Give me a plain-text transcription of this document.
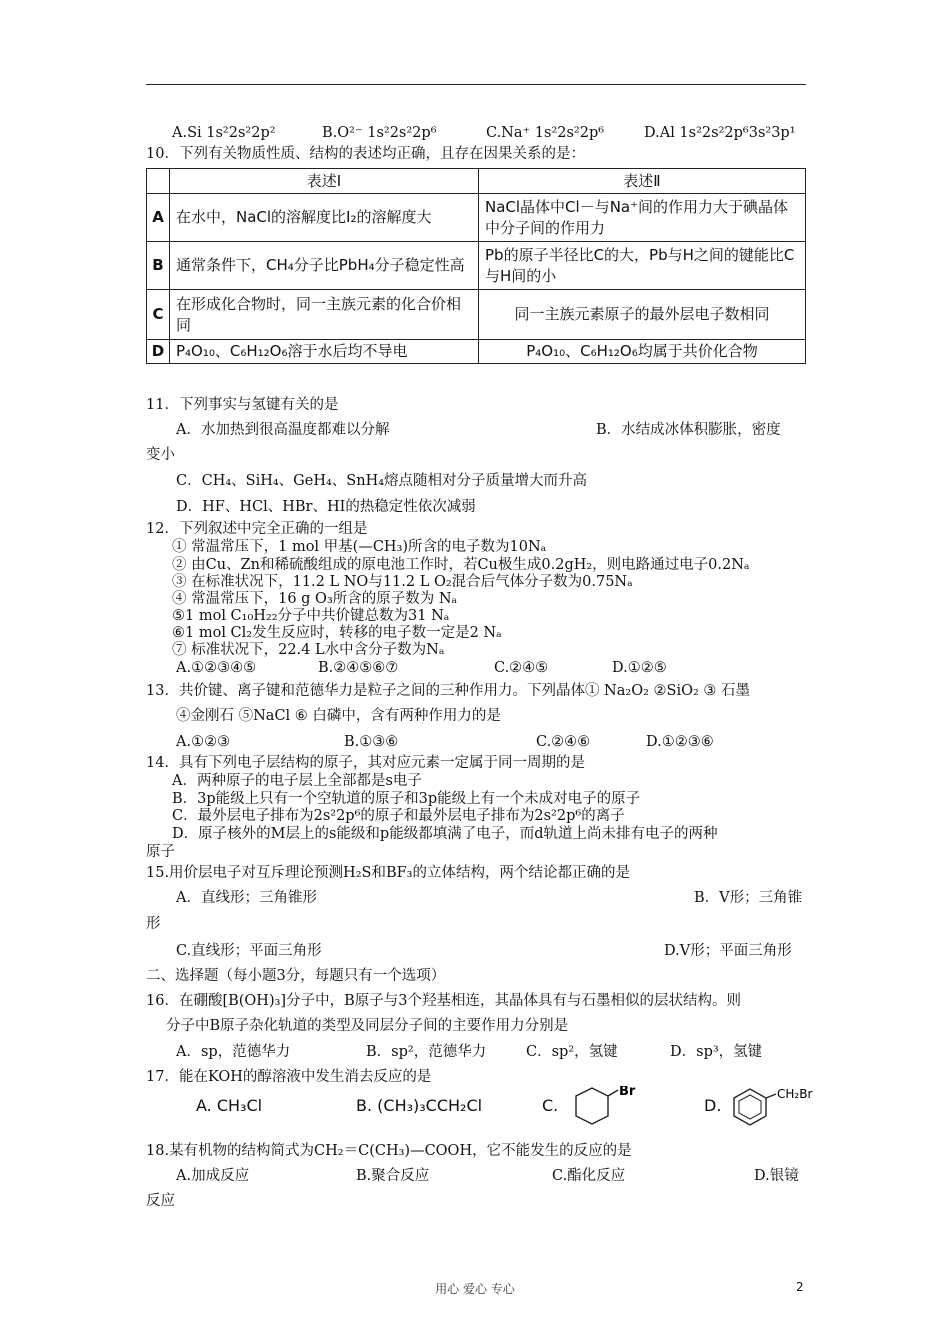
A.Si 1s²2s²2p²	B.O²⁻ 1s²2s²2p⁶	C.Na⁺ 1s²2s²2p⁶	D.Al 1s²2s²2p⁶3s²3p¹
10．下列有关物质性质、结构的表述均正确，且存在因果关系的是：
	表述Ⅰ	表述Ⅱ
A	在水中，NaCl的溶解度比I₂的溶解度大	NaCl晶体中Cl－与Na⁺间的作用力大于碘晶体中分子间的作用力
B	通常条件下，CH₄分子比PbH₄分子稳定性高	Pb的原子半径比C的大，Pb与H之间的键能比C与H间的小
C	在形成化合物时，同一主族元素的化合价相同	同一主族元素原子的最外层电子数相同
D	P₄O₁₀、C₆H₁₂O₆溶于水后均不导电	P₄O₁₀、C₆H₁₂O₆均属于共价化合物
11．下列事实与氢键有关的是
A．水加热到很高温度都难以分解	B．水结成冰体积膨胀，密度
变小
C．CH₄、SiH₄、GeH₄、SnH₄熔点随相对分子质量增大而升高
D．HF、HCl、HBr、HI的热稳定性依次减弱
12．下列叙述中完全正确的一组是
① 常温常压下，1 mol 甲基(—CH₃)所含的电子数为10Nₐ
② 由Cu、Zn和稀硫酸组成的原电池工作时，若Cu极生成0.2gH₂，则电路通过电子0.2Nₐ
③ 在标准状况下，11.2 L NO与11.2 L O₂混合后气体分子数为0.75Nₐ
④ 常温常压下，16 g O₃所含的原子数为 Nₐ
⑤1 mol C₁₀H₂₂分子中共价键总数为31 Nₐ
⑥1 mol Cl₂发生反应时，转移的电子数一定是2 Nₐ
⑦ 标准状况下，22.4 L水中含分子数为Nₐ
A.①②③④⑤	B.②④⑤⑥⑦	C.②④⑤	D.①②⑤
13．共价键、离子键和范德华力是粒子之间的三种作用力。下列晶体① Na₂O₂ ②SiO₂ ③ 石墨
④金刚石 ⑤NaCl ⑥ 白磷中，含有两种作用力的是
A.①②③	B.①③⑥	C.②④⑥	D.①②③⑥
14．具有下列电子层结构的原子，其对应元素一定属于同一周期的是
A．两种原子的电子层上全部都是s电子
B．3p能级上只有一个空轨道的原子和3p能级上有一个未成对电子的原子
C．最外层电子排布为2s²2p⁶的原子和最外层电子排布为2s²2p⁶的离子
D．原子核外的M层上的s能级和p能级都填满了电子，而d轨道上尚未排有电子的两种
原子
15.用价层电子对互斥理论预测H₂S和BF₃的立体结构，两个结论都正确的是
A．直线形；三角锥形	B．V形；三角锥
形
C.直线形；平面三角形	D.V形；平面三角形
二、选择题（每小题3分，每题只有一个选项）
16．在硼酸[B(OH)₃]分子中，B原子与3个羟基相连，其晶体具有与石墨相似的层状结构。则
分子中B原子杂化轨道的类型及同层分子间的主要作用力分别是
A．sp，范德华力	B．sp²，范德华力	C．sp²，氢键	D．sp³，氢键
17．能在KOH的醇溶液中发生消去反应的是
A. CH₃Cl	B. (CH₃)₃CCH₂Cl	C.
Br
D.
CH₂Br
18.某有机物的结构简式为CH₂＝C(CH₃)—COOH，它不能发生的反应的是
A.加成反应	B.聚合反应	C.酯化反应	D.银镜
反应
用心 爱心 专心	2
